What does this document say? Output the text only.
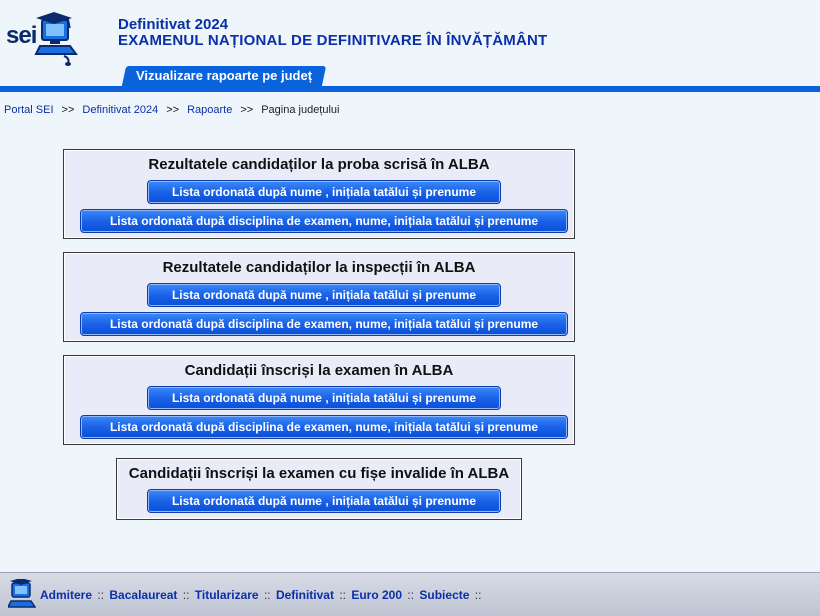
sei	Definitivat 2024
EXAMENUL NAȚIONAL DE DEFINITIVARE ÎN ÎNVĂȚĂMÂNT
Vizualizare rapoarte pe județ
Portal SEI >> Definitivat 2024 >> Rapoarte >> Pagina județului
Rezultatele candidaților la proba scrisă în ALBA
Lista ordonată după nume , inițiala tatălui și prenume
Lista ordonată după disciplina de examen, nume, inițiala tatălui și prenume
Rezultatele candidaților la inspecții în ALBA
Lista ordonată după nume , inițiala tatălui și prenume
Lista ordonată după disciplina de examen, nume, inițiala tatălui și prenume
Candidații înscriși la examen în ALBA
Lista ordonată după nume , inițiala tatălui și prenume
Lista ordonată după disciplina de examen, nume, inițiala tatălui și prenume
Candidații înscriși la examen cu fișe invalide în ALBA
Lista ordonată după nume , inițiala tatălui și prenume
Admitere :: Bacalaureat :: Titularizare :: Definitivat :: Euro 200 :: Subiecte ::
